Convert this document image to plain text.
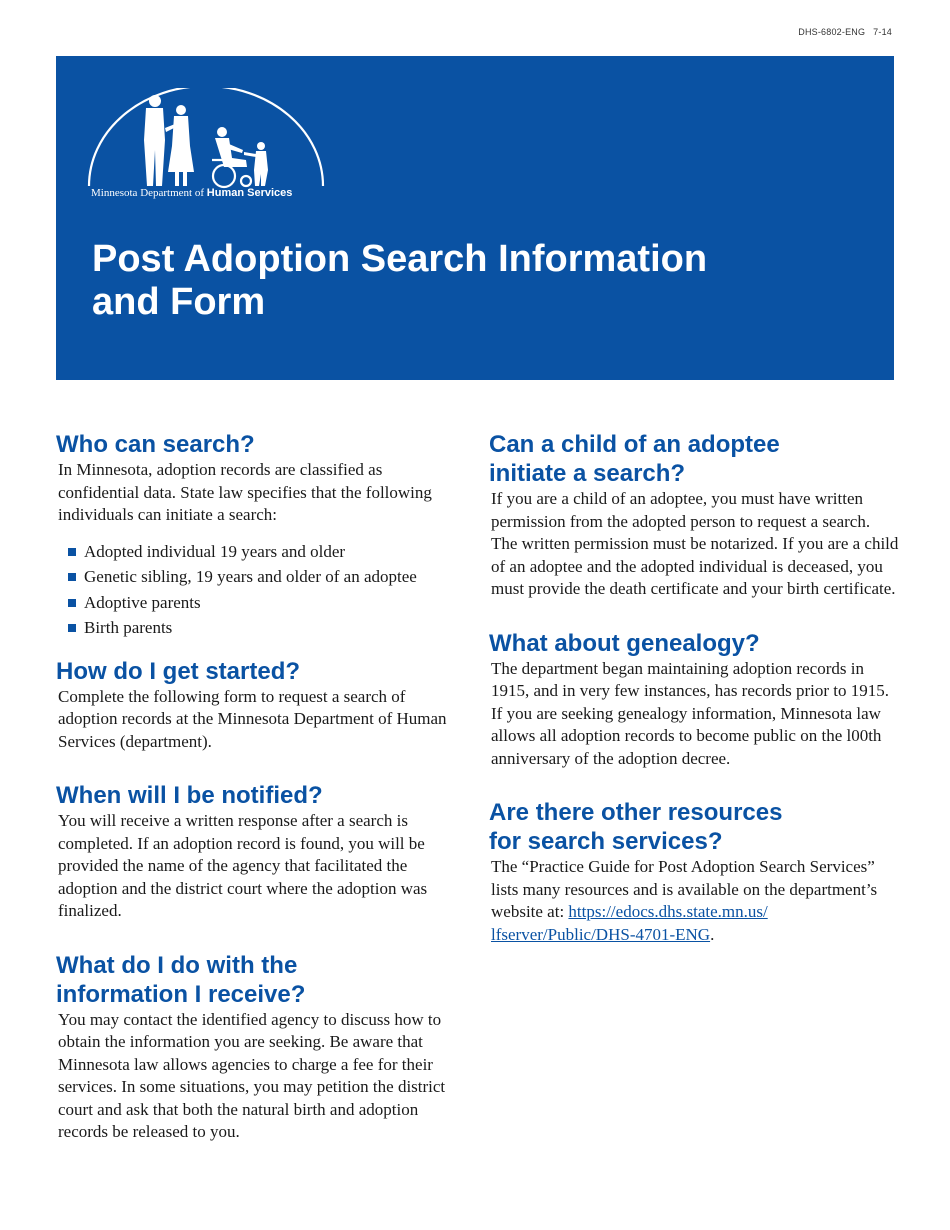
DHS-6802-ENG 7-14
Minnesota Department of Human Services
Post Adoption Search Information
and Form
Who can search?

In Minnesota, adoption records are classified as confidential data. State law specifies that the following individuals can initiate a search:

Adopted individual 19 years and older
Genetic sibling, 19 years and older of an adoptee
Adoptive parents
Birth parents
How do I get started?

Complete the following form to request a search of adoption records at the Minnesota Department of Human Services (department).

When will I be notified?

You will receive a written response after a search is completed. If an adoption record is found, you will be provided the name of the agency that facilitated the adoption and the district court where the adoption was finalized.

What do I do with the
information I receive?

You may contact the identified agency to discuss how to obtain the information you are seeking. Be aware that Minnesota law allows agencies to charge a fee for their services. In some situations, you may petition the district court and ask that both the natural birth and adoption records be released to you.

Can a child of an adoptee
initiate a search?

If you are a child of an adoptee, you must have written permission from the adopted person to request a search. The written permission must be notarized. If you are a child of an adoptee and the adopted individual is deceased, you must provide the death certificate and your birth certificate.

What about genealogy?

The department began maintaining adoption records in 1915, and in very few instances, has records prior to 1915. If you are seeking genealogy information, Minnesota law allows all adoption records to become public on the l00th anniversary of the adoption decree.

Are there other resources
for search services?

The “Practice Guide for Post Adoption Search Services” lists many resources and is available on the department’s website at: https://edocs.dhs.state.mn.us/
lfserver/Public/DHS-4701-ENG.
